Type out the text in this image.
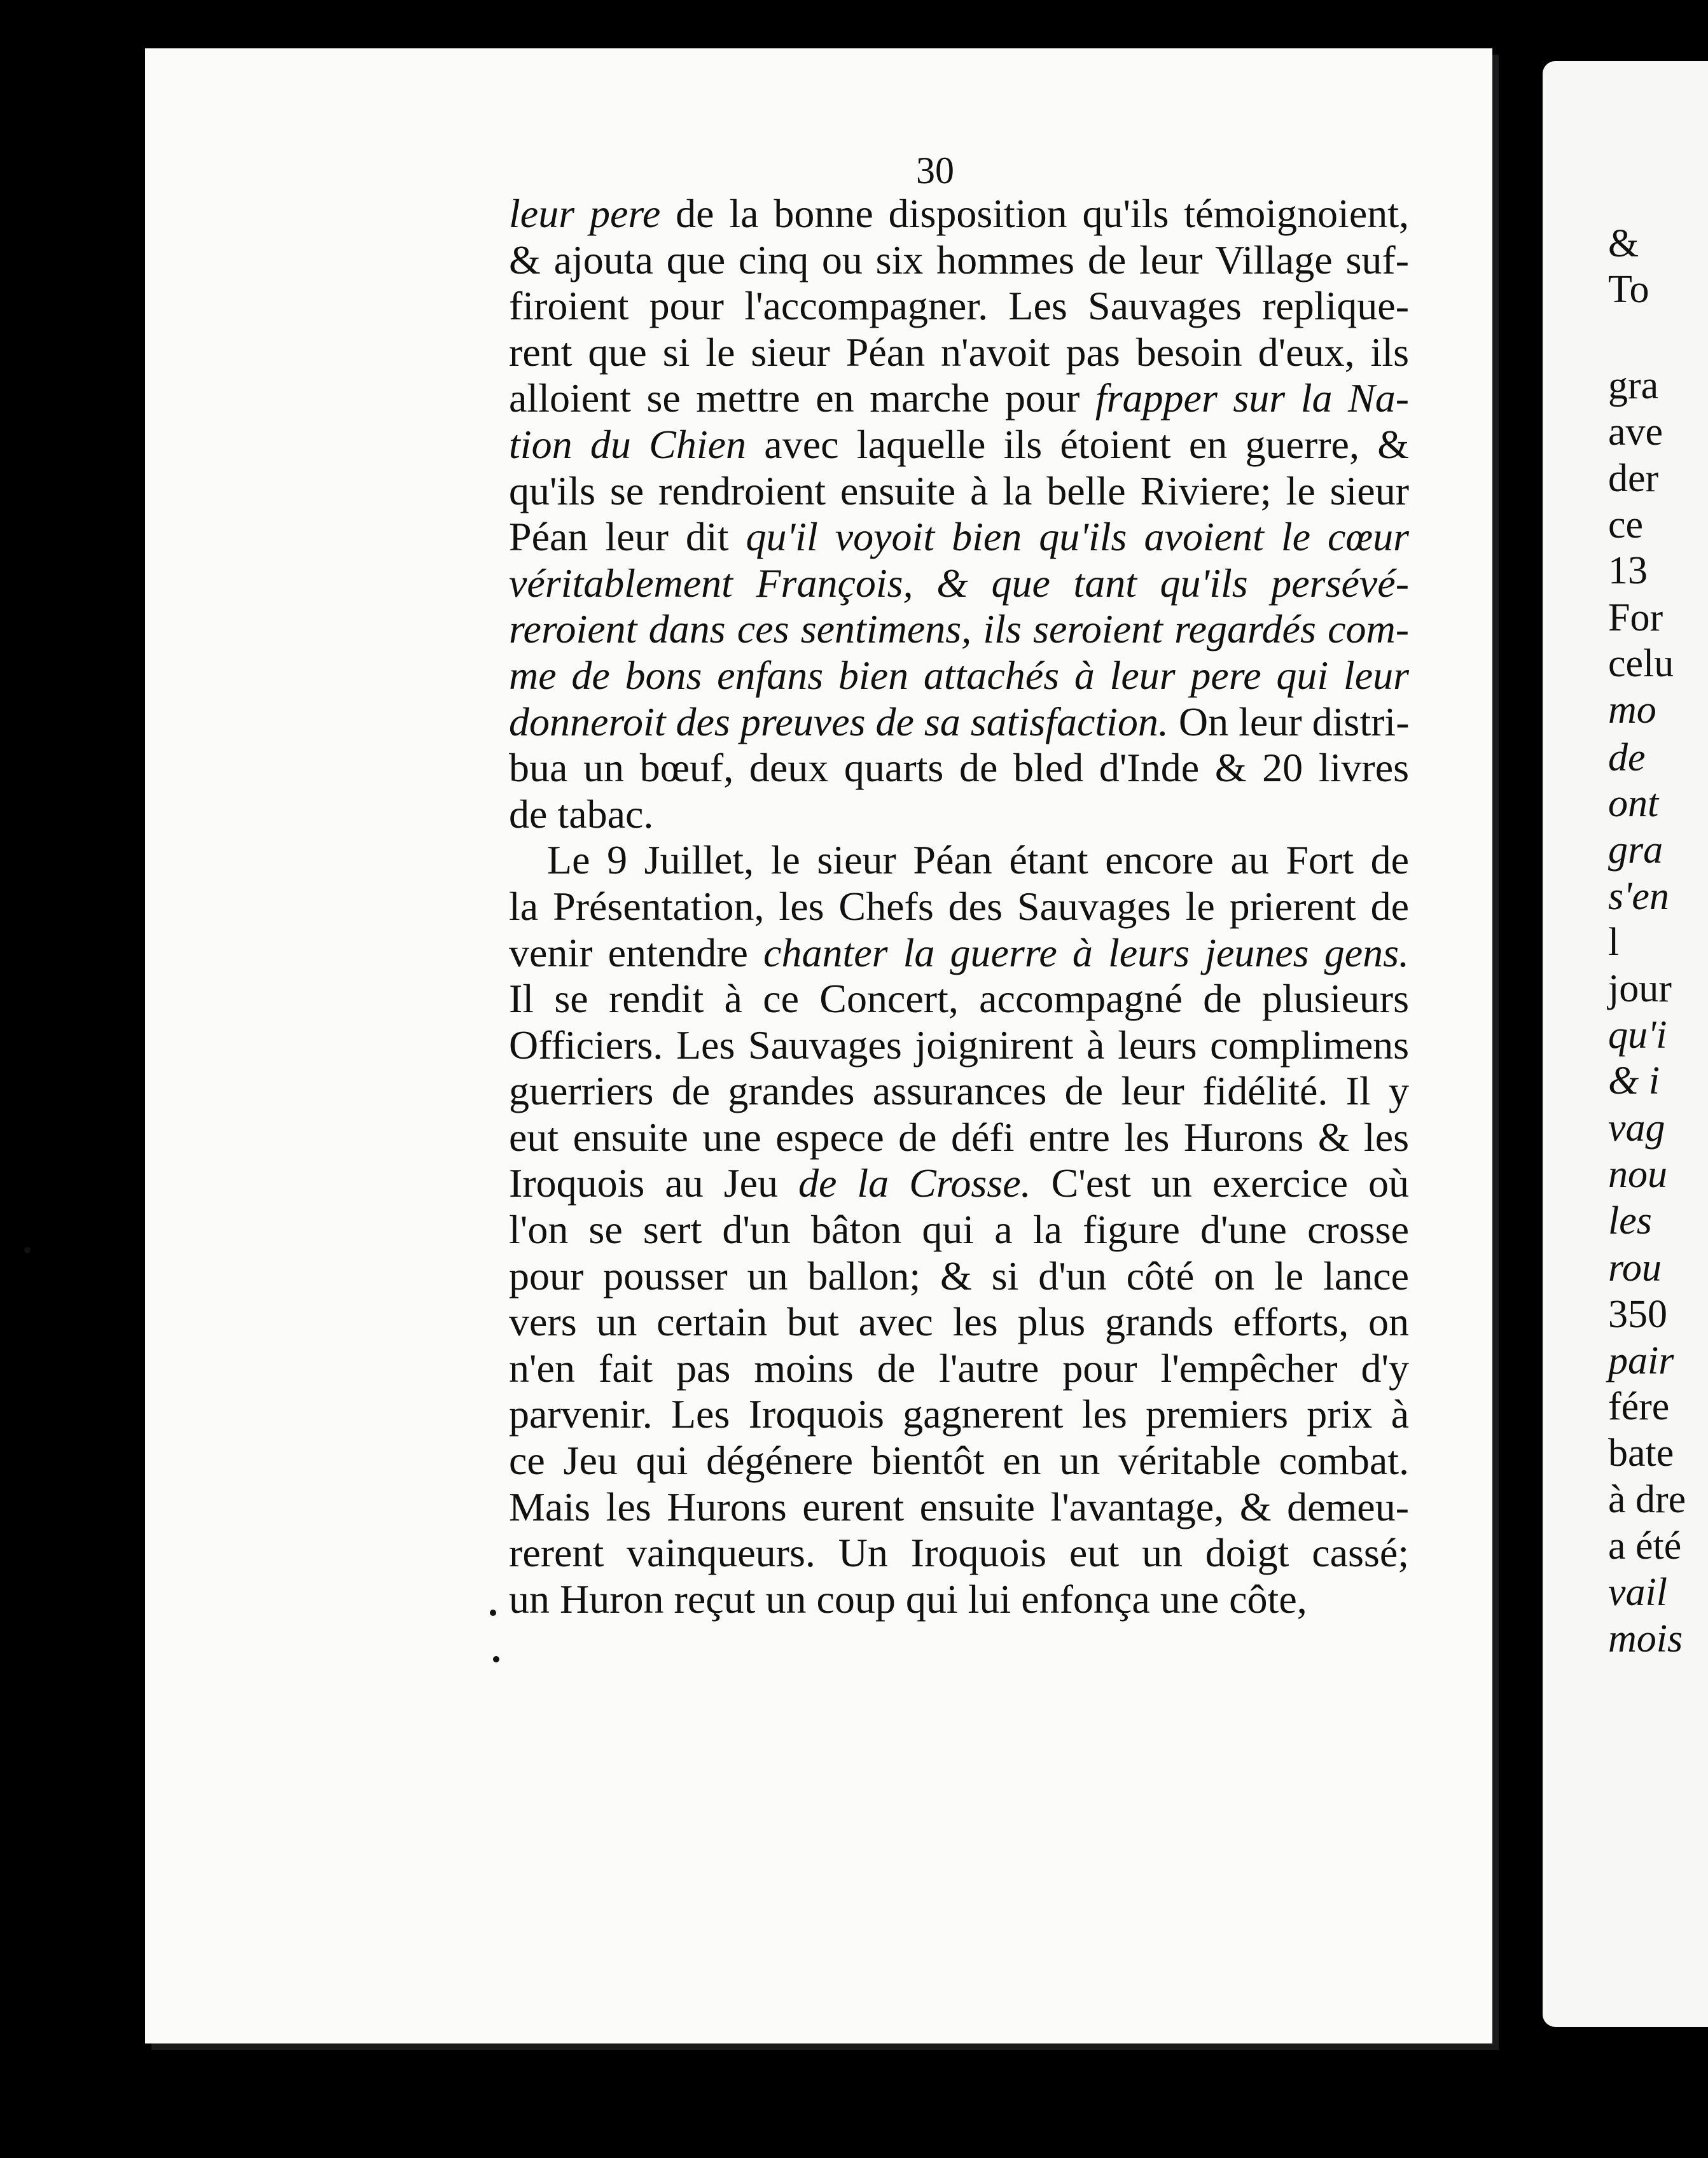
30
leur pere de la bonne disposition qu'ils témoignoient,
& ajouta que cinq ou six hommes de leur Village suf-
firoient pour l'accompagner. Les Sauvages replique-
rent que si le sieur Péan n'avoit pas besoin d'eux, ils
alloient se mettre en marche pour frapper sur la Na-
tion du Chien avec laquelle ils étoient en guerre, &
qu'ils se rendroient ensuite à la belle Riviere; le sieur
Péan leur dit qu'il voyoit bien qu'ils avoient le cœur
véritablement François, & que tant qu'ils persévé-
reroient dans ces sentimens, ils seroient regardés com-
me de bons enfans bien attachés à leur pere qui leur
donneroit des preuves de sa satisfaction. On leur distri-
bua un bœuf, deux quarts de bled d'Inde & 20 livres
de tabac.
Le 9 Juillet, le sieur Péan étant encore au Fort de
la Présentation, les Chefs des Sauvages le prierent de
venir entendre chanter la guerre à leurs jeunes gens.
Il se rendit à ce Concert, accompagné de plusieurs
Officiers. Les Sauvages joignirent à leurs complimens
guerriers de grandes assurances de leur fidélité. Il y
eut ensuite une espece de défi entre les Hurons & les
Iroquois au Jeu de la Crosse. C'est un exercice où
l'on se sert d'un bâton qui a la figure d'une crosse
pour pousser un ballon; & si d'un côté on le lance
vers un certain but avec les plus grands efforts, on
n'en fait pas moins de l'autre pour l'empêcher d'y
parvenir. Les Iroquois gagnerent les premiers prix à
ce Jeu qui dégénere bientôt en un véritable combat.
Mais les Hurons eurent ensuite l'avantage, & demeu-
rerent vainqueurs. Un Iroquois eut un doigt cassé;
un Huron reçut un coup qui lui enfonça une côte,
&
To
gra
ave
der
ce
13
For
celu
mo
de
ont
gra
s'en
l
jour
qu'i
& i
vag
nou
les
rou
350
pair
fére
bate
à dre
a été
vail
mois
